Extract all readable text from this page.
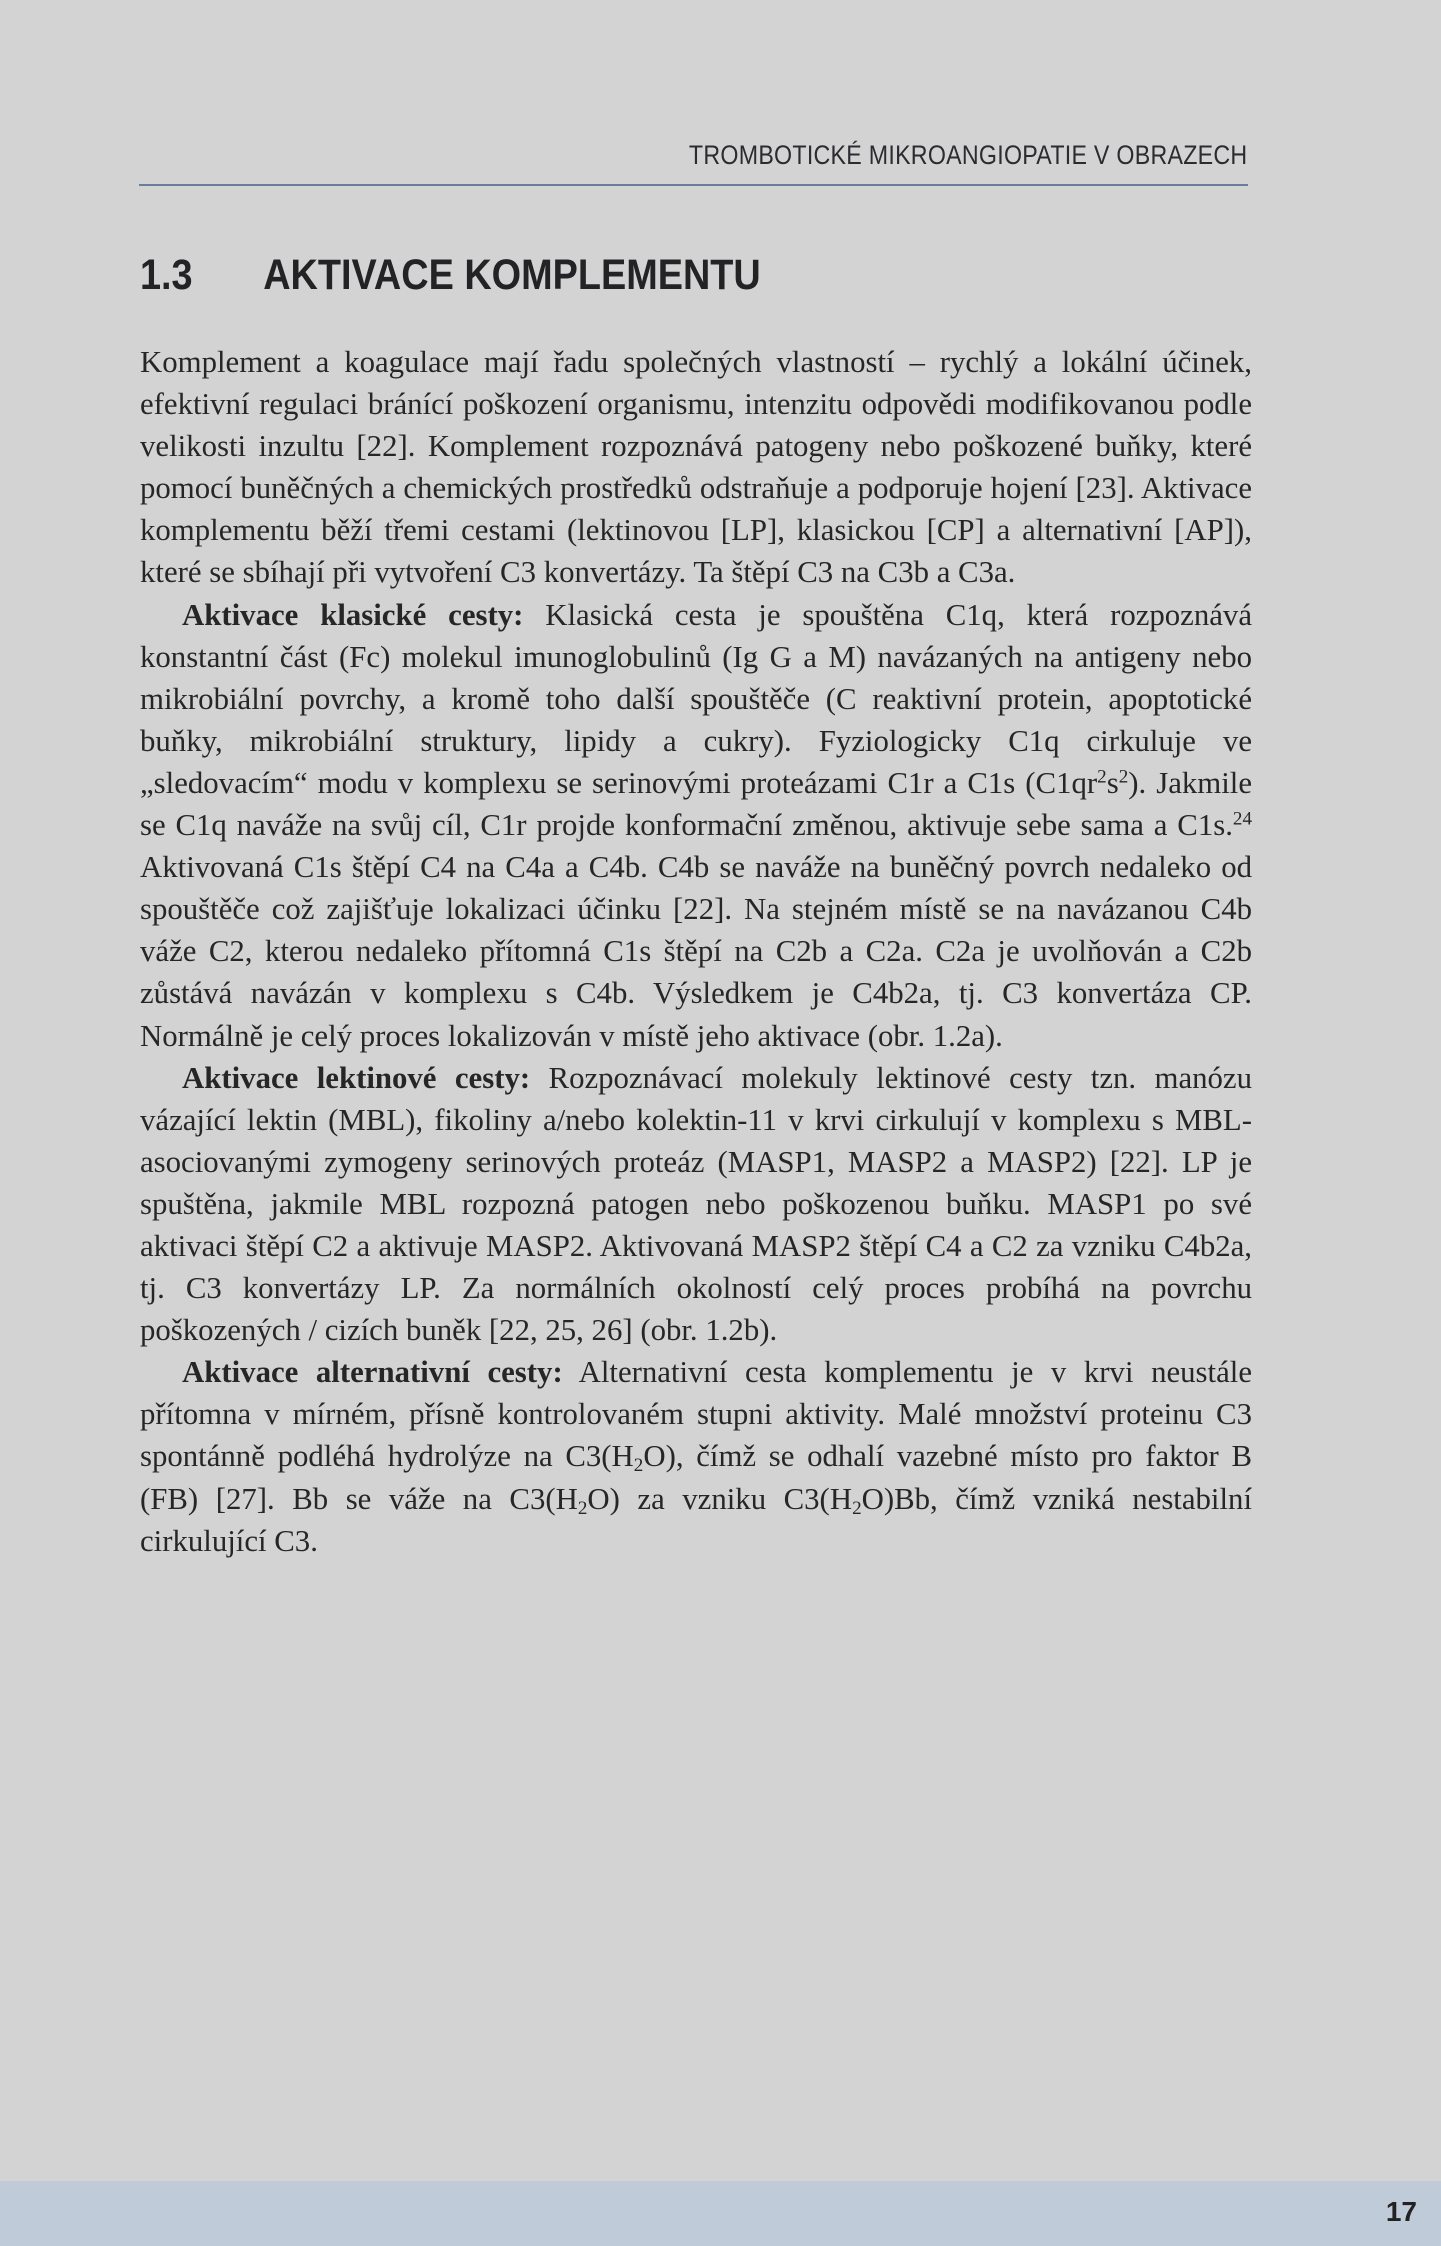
TROMBOTICKÉ MIKROANGIOPATIE V OBRAZECH
1.3 AKTIVACE KOMPLEMENTU

Komplement a koagulace mají řadu společných vlastností – rychlý a lokální účinek, efektivní regulaci bránící poškození organismu, intenzitu odpovědi modifikovanou podle velikosti inzultu [22]. Komplement rozpoznává patogeny nebo poškozené buňky, které pomocí buněčných a chemických prostředků odstraňuje a podporuje hojení [23]. Aktivace komplementu běží třemi cestami (lektinovou [LP], klasickou [CP] a alternativní [AP]), které se sbíhají při vytvoření C3 konvertázy. Ta štěpí C3 na C3b a C3a.

Aktivace klasické cesty: Klasická cesta je spouštěna C1q, která rozpoznává konstantní část (Fc) molekul imunoglobulinů (Ig G a M) navázaných na antigeny nebo mikrobiální povrchy, a kromě toho další spouštěče (C reaktivní protein, apoptotické buňky, mikrobiální struktury, lipidy a cukry). Fyziologicky C1q cirkuluje ve „sledovacím“ modu v komplexu se serinovými proteázami C1r a C1s $(C1qr^2s^2)$. Jakmile se C1q naváže na svůj cíl, C1r projde konformační změnou, aktivuje sebe sama a C1s.$^{24}$ Aktivovaná C1s štěpí C4 na C4a a C4b. C4b se naváže na buněčný povrch nedaleko od spouštěče což zajišťuje lokalizaci účinku [22]. Na stejném místě se na navázanou C4b váže C2, kterou nedaleko přítomná C1s štěpí na C2b a C2a. C2a je uvolňován a C2b zůstává navázán v komplexu s C4b. Výsledkem je C4b2a, tj. C3 konvertáza CP. Normálně je celý proces lokalizován v místě jeho aktivace (obr. 1.2a).

Aktivace lektinové cesty: Rozpoznávací molekuly lektinové cesty tzn. manózu vázající lektin (MBL), fikoliny a/nebo kolektin-11 v krvi cirkulují v komplexu s MBL-asociovanými zymogeny serinových proteáz (MASP1, MASP2 a MASP2) [22]. LP je spuštěna, jakmile MBL rozpozná patogen nebo poškozenou buňku. MASP1 po své aktivaci štěpí C2 a aktivuje MASP2. Aktivovaná MASP2 štěpí C4 a C2 za vzniku C4b2a, tj. C3 konvertázy LP. Za normálních okolností celý proces probíhá na povrchu poškozených / cizích buněk [22, 25, 26] (obr. 1.2b).

Aktivace alternativní cesty: Alternativní cesta komplementu je v krvi neustále přítomna v mírném, přísně kontrolovaném stupni aktivity. Malé množství proteinu C3 spontánně podléhá hydrolýze na $C3(H_2O)$, čímž se odhalí vazebné místo pro faktor B (FB) [27]. Bb se váže na $C3(H_2O)$ za vzniku $C3(H_2O)Bb$, čímž vzniká nestabilní cirkulující C3.

17
